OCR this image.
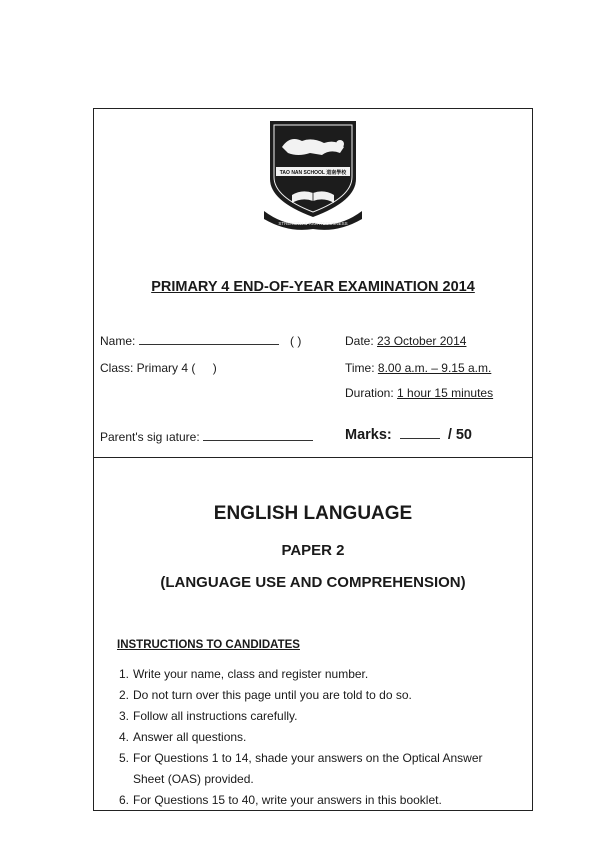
TAO NAN SCHOOL 道南學校
STRENGTH & RIGHTEOUSNESS
PRIMARY 4 END-OF-YEAR EXAMINATION 2014
Name:	( )
Class: Primary 4 ( )
Parent's sig ıature:
Date: 23 October 2014
Time: 8.00 a.m. – 9.15 a.m.
Duration: 1 hour 15 minutes
Marks:	/ 50
ENGLISH LANGUAGE
PAPER 2
(LANGUAGE USE AND COMPREHENSION)
INSTRUCTIONS TO CANDIDATES
1. Write your name, class and register number.
2. Do not turn over this page until you are told to do so.
3. Follow all instructions carefully.
4. Answer all questions.
5. For Questions 1 to 14, shade your answers on the Optical Answer
Sheet (OAS) provided.
6. For Questions 15 to 40, write your answers in this booklet.
